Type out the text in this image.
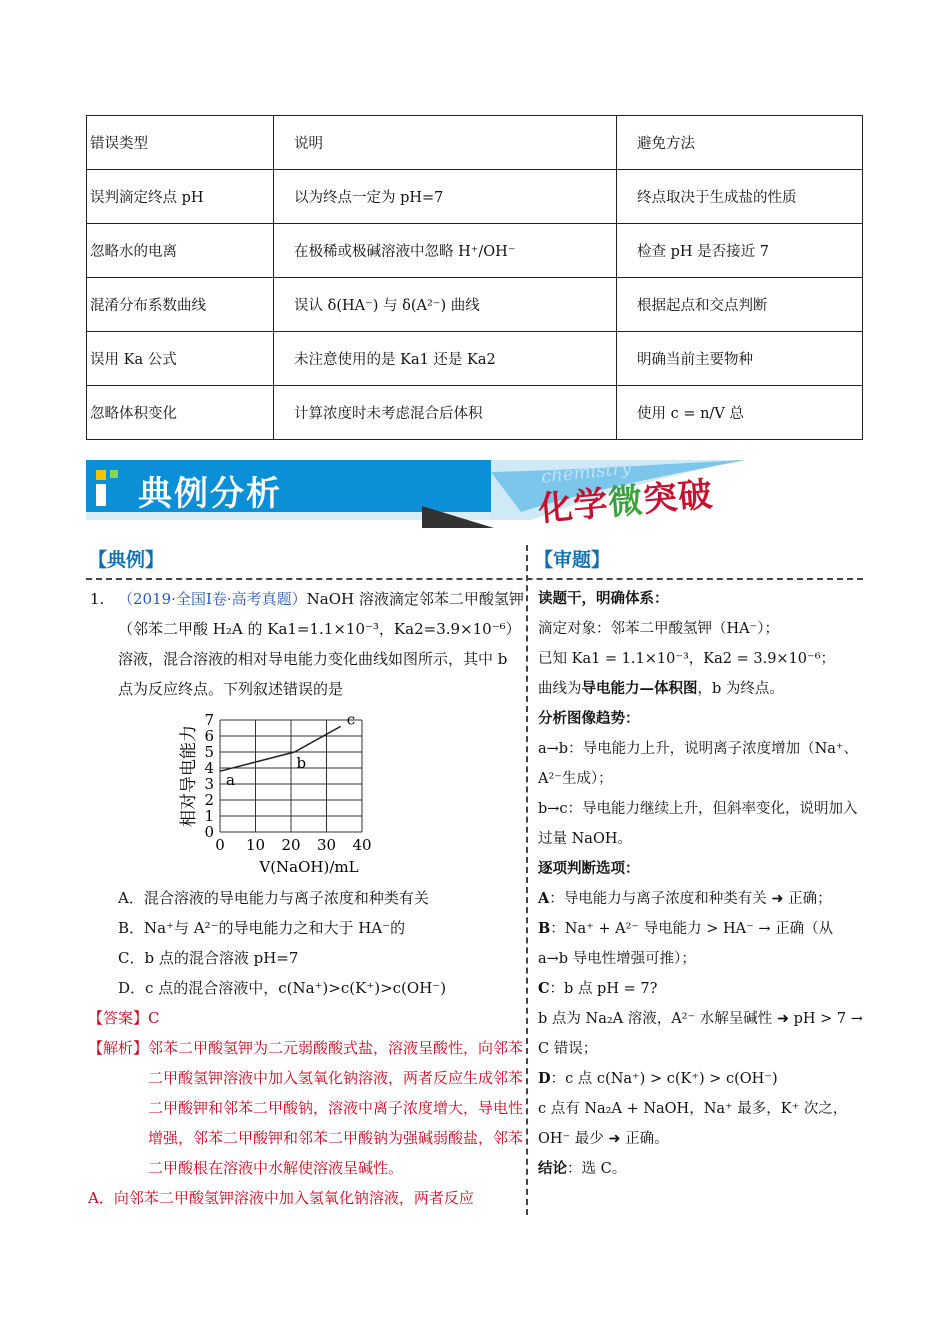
错误类型	说明	避免方法

误判滴定终点 pH	以为终点一定为 pH=7	终点取决于生成盐的性质

忽略水的电离	在极稀或极碱溶液中忽略 H⁺/OH⁻	检查 pH 是否接近 7

混淆分布系数曲线	误认 δ(HA⁻) 与 δ(A²⁻) 曲线	根据起点和交点判断

误用 Ka 公式	未注意使用的是 Ka1 还是 Ka2	明确当前主要物种

忽略体积变化	计算浓度时未考虑混合后体积	使用 c = n/V 总
典例分析
chemistry
化学微突破
【典例】	【审题】
1. （2019·全国Ⅰ卷·高考真题）NaOH 溶液滴定邻苯二甲酸氢钾（邻苯二甲酸 H₂A 的 Ka1=1.1×10⁻³，Ka2=3.9×10⁻⁶）溶液，混合溶液的相对导电能力变化曲线如图所示，其中 b 点为反应终点。下列叙述错误的是
0 10 20 30 40
0
1
2
3
4
5
6
7
a
b
c
V(NaOH)/mL
相对导电能力
A．混合溶液的导电能力与离子浓度和种类有关
B．Na⁺与 A²⁻的导电能力之和大于 HA⁻的
C．b 点的混合溶液 pH=7
D．c 点的混合溶液中，c(Na⁺)>c(K⁺)>c(OH⁻)
【答案】C
【解析】 邻苯二甲酸氢钾为二元弱酸酸式盐，溶液呈酸性，向邻苯二甲酸氢钾溶液中加入氢氧化钠溶液，两者反应生成邻苯二甲酸钾和邻苯二甲酸钠，溶液中离子浓度增大，导电性增强，邻苯二甲酸钾和邻苯二甲酸钠为强碱弱酸盐，邻苯二甲酸根在溶液中水解使溶液呈碱性。
A．向邻苯二甲酸氢钾溶液中加入氢氧化钠溶液，两者反应
读题干，明确体系：
滴定对象：邻苯二甲酸氢钾（HA⁻）；
已知 Ka1 = 1.1×10⁻³，Ka2 = 3.9×10⁻⁶；
曲线为导电能力—体积图，b 为终点。
分析图像趋势：
a→b：导电能力上升，说明离子浓度增加（Na⁺、A²⁻生成）；
b→c：导电能力继续上升，但斜率变化，说明加入过量 NaOH。
逐项判断选项：
A：导电能力与离子浓度和种类有关 ➜ 正确；
B：Na⁺ + A²⁻ 导电能力 > HA⁻ → 正确（从 a→b 导电性增强可推）；
C：b 点 pH = 7?
b 点为 Na₂A 溶液，A²⁻ 水解呈碱性 ➜ pH > 7 → C 错误；
D：c 点 c(Na⁺) > c(K⁺) > c(OH⁻)
c 点有 Na₂A + NaOH，Na⁺ 最多，K⁺ 次之，OH⁻ 最少 ➜ 正确。
结论：选 C。
